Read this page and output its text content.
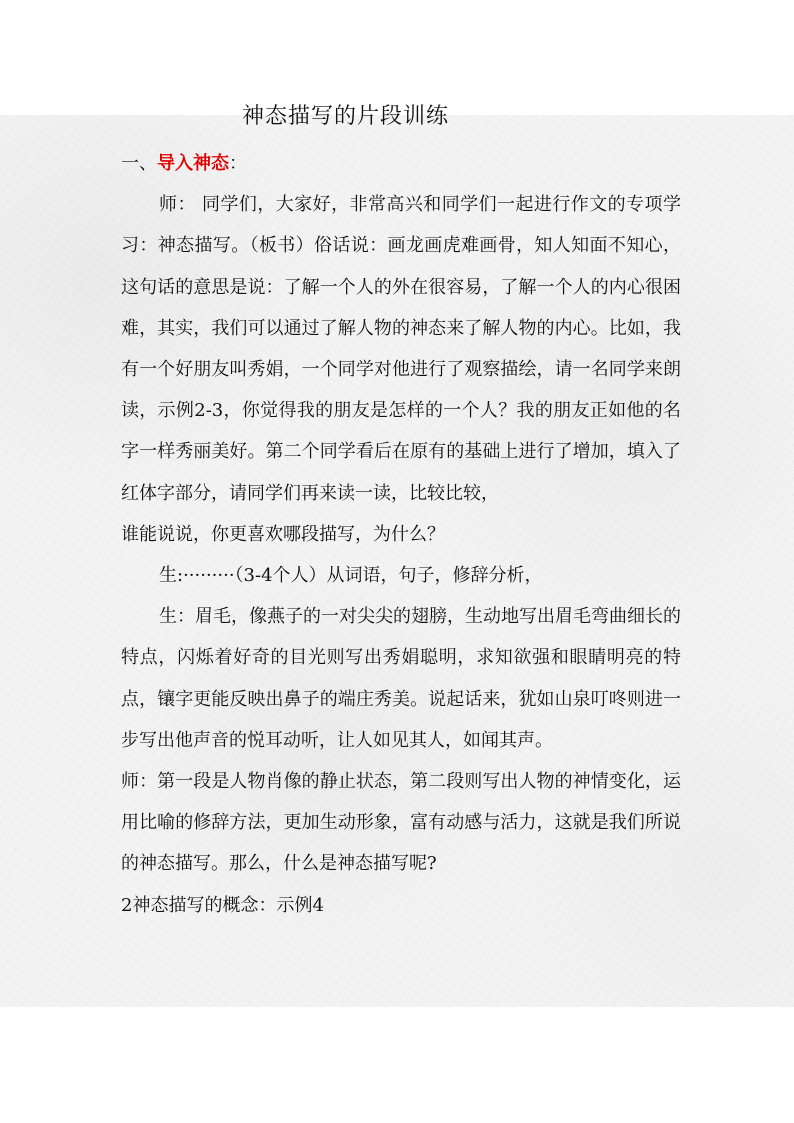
神态描写的片段训练

一、导入神态：

师： 同学们，大家好，非常高兴和同学们一起进行作文的专项学习：神态描写。（板书）俗话说：画龙画虎难画骨，知人知面不知心，这句话的意思是说：了解一个人的外在很容易，了解一个人的内心很困难，其实，我们可以通过了解人物的神态来了解人物的内心。比如，我有一个好朋友叫秀娟，一个同学对他进行了观察描绘，请一名同学来朗读，示例2-3，你觉得我的朋友是怎样的一个人？我的朋友正如他的名字一样秀丽美好。第二个同学看后在原有的基础上进行了增加，填入了红体字部分，请同学们再来读一读，比较比较，

谁能说说，你更喜欢哪段描写，为什么？

生:·········（3-4个人）从词语，句子，修辞分析，

生：眉毛，像燕子的一对尖尖的翅膀，生动地写出眉毛弯曲细长的特点，闪烁着好奇的目光则写出秀娟聪明，求知欲强和眼睛明亮的特点，镶字更能反映出鼻子的端庄秀美。说起话来，犹如山泉叮咚则进一步写出他声音的悦耳动听，让人如见其人，如闻其声。

师：第一段是人物肖像的静止状态，第二段则写出人物的神情变化，运用比喻的修辞方法，更加生动形象，富有动感与活力，这就是我们所说的神态描写。那么，什么是神态描写呢?

2神态描写的概念：示例4
